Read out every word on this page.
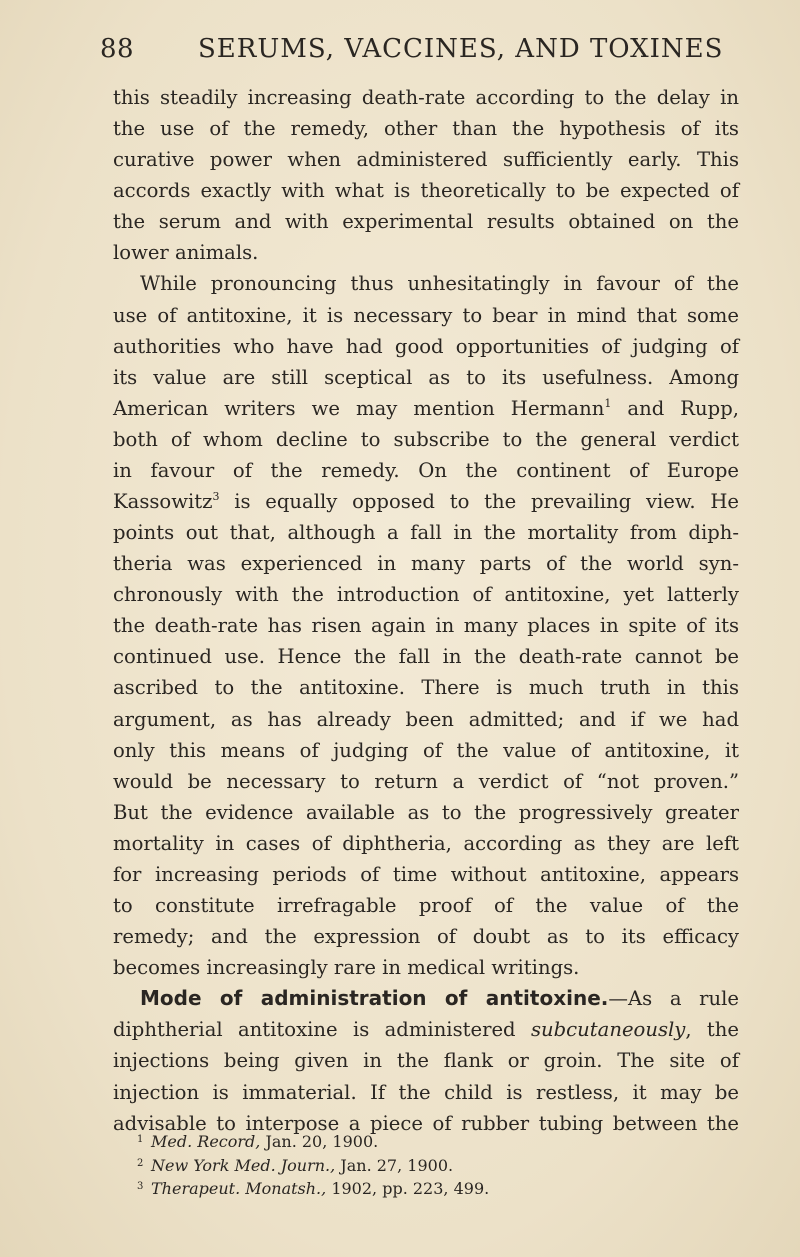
88 SERUMS, VACCINES, AND TOXINES
this steadily increasing death-rate according to the delay in
the use of the remedy, other than the hypothesis of its
curative power when administered sufficiently early. This
accords exactly with what is theoretically to be expected of
the serum and with experimental results obtained on the
lower animals.
While pronouncing thus unhesitatingly in favour of the
use of antitoxine, it is necessary to bear in mind that some
authorities who have had good opportunities of judging of
its value are still sceptical as to its usefulness. Among
American writers we may mention Hermann$^1$ and Rupp,
both of whom decline to subscribe to the general verdict
in favour of the remedy. On the continent of Europe
Kassowitz$^3$ is equally opposed to the prevailing view. He
points out that, although a fall in the mortality from diph-
theria was experienced in many parts of the world syn-
chronously with the introduction of antitoxine, yet latterly
the death-rate has risen again in many places in spite of its
continued use. Hence the fall in the death-rate cannot be
ascribed to the antitoxine. There is much truth in this
argument, as has already been admitted; and if we had
only this means of judging of the value of antitoxine, it
would be necessary to return a verdict of “not proven.”
But the evidence available as to the progressively greater
mortality in cases of diphtheria, according as they are left
for increasing periods of time without antitoxine, appears
to constitute irrefragable proof of the value of the
remedy; and the expression of doubt as to its efficacy
becomes increasingly rare in medical writings.
Mode of administration of antitoxine.—As a rule
diphtherial antitoxine is administered subcutaneously, the
injections being given in the flank or groin. The site of
injection is immaterial. If the child is restless, it may be
advisable to interpose a piece of rubber tubing between the
1 Med. Record, Jan. 20, 1900.
2 New York Med. Journ., Jan. 27, 1900.
3 Therapeut. Monatsh., 1902, pp. 223, 499.
